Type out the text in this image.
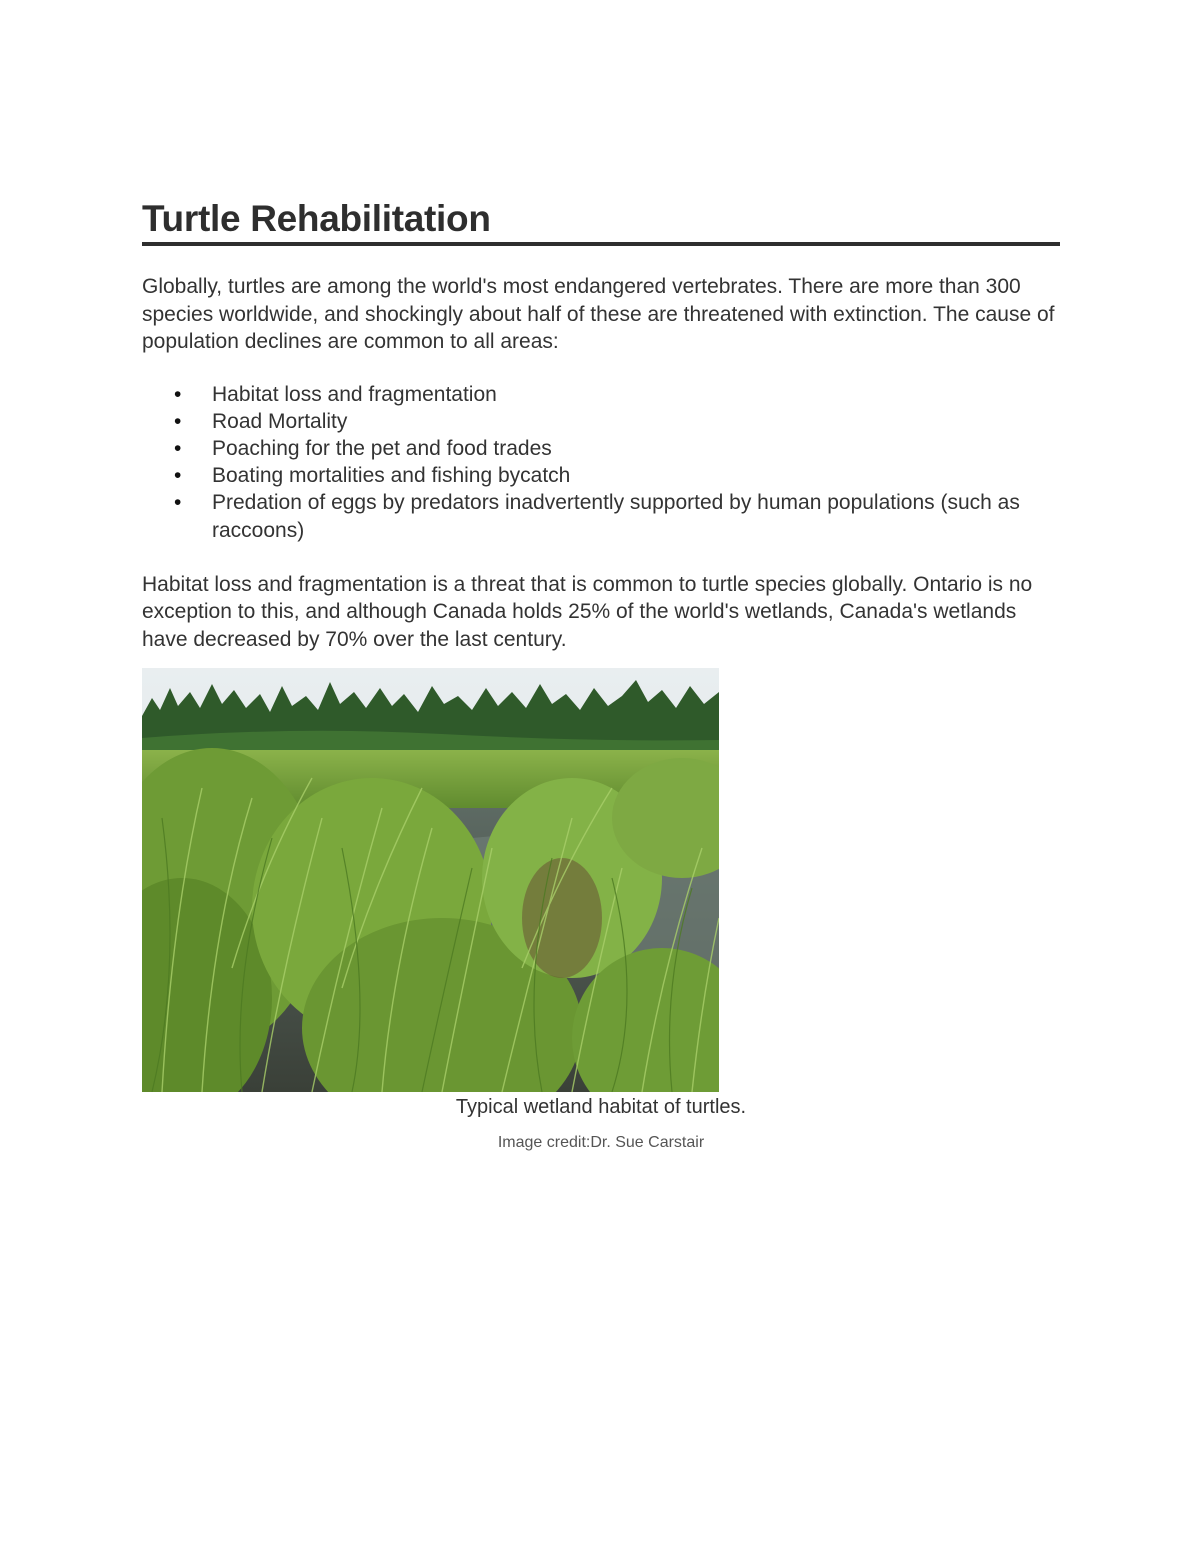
Turtle Rehabilitation

Globally, turtles are among the world's most endangered vertebrates. There are more than 300 species worldwide, and shockingly about half of these are threatened with extinction. The cause of population declines are common to all areas:

• Habitat loss and fragmentation
• Road Mortality
• Poaching for the pet and food trades
• Boating mortalities and fishing bycatch
• Predation of eggs by predators inadvertently supported by human populations (such as raccoons)

Habitat loss and fragmentation is a threat that is common to turtle species globally. Ontario is no exception to this, and although Canada holds 25% of the world's wetlands, Canada's wetlands have decreased by 70% over the last century.

Typical wetland habitat of turtles.
Image credit:Dr. Sue Carstair
